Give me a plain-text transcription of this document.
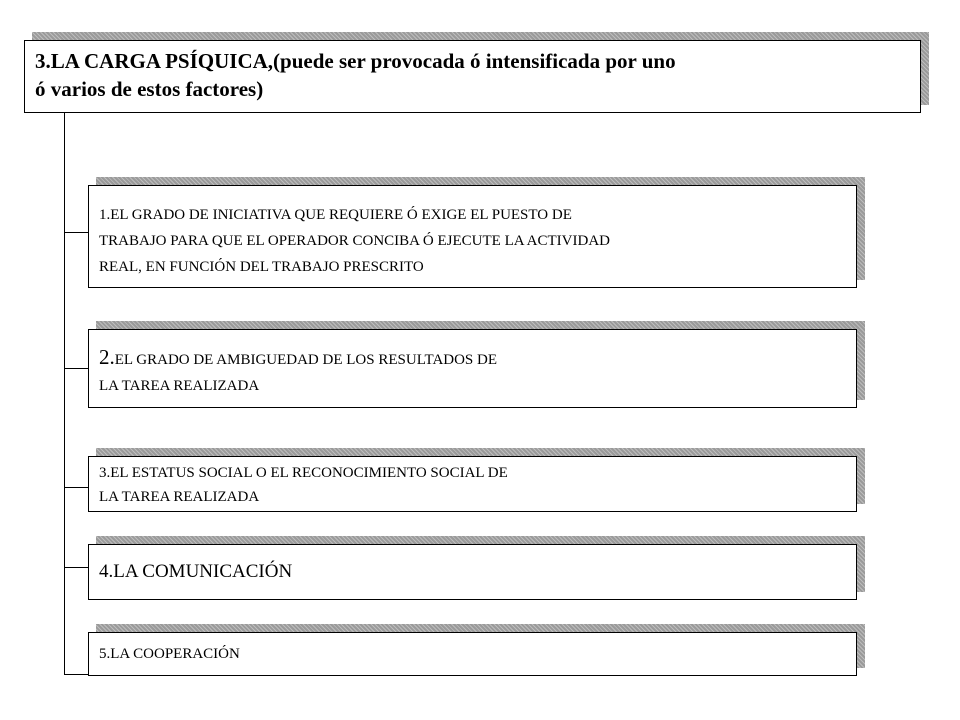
3.LA CARGA PSÍQUICA,(puede ser provocada ó intensificada por uno
ó varios de estos factores)
1.EL GRADO DE INICIATIVA QUE REQUIERE Ó EXIGE EL PUESTO DE
TRABAJO PARA QUE EL OPERADOR CONCIBA Ó EJECUTE LA ACTIVIDAD
REAL, EN FUNCIÓN DEL TRABAJO PRESCRITO
2.EL GRADO DE AMBIGUEDAD DE LOS RESULTADOS DE
LA TAREA REALIZADA
3.EL ESTATUS SOCIAL O EL RECONOCIMIENTO SOCIAL DE
LA TAREA REALIZADA
4.LA COMUNICACIÓN
5.LA COOPERACIÓN
